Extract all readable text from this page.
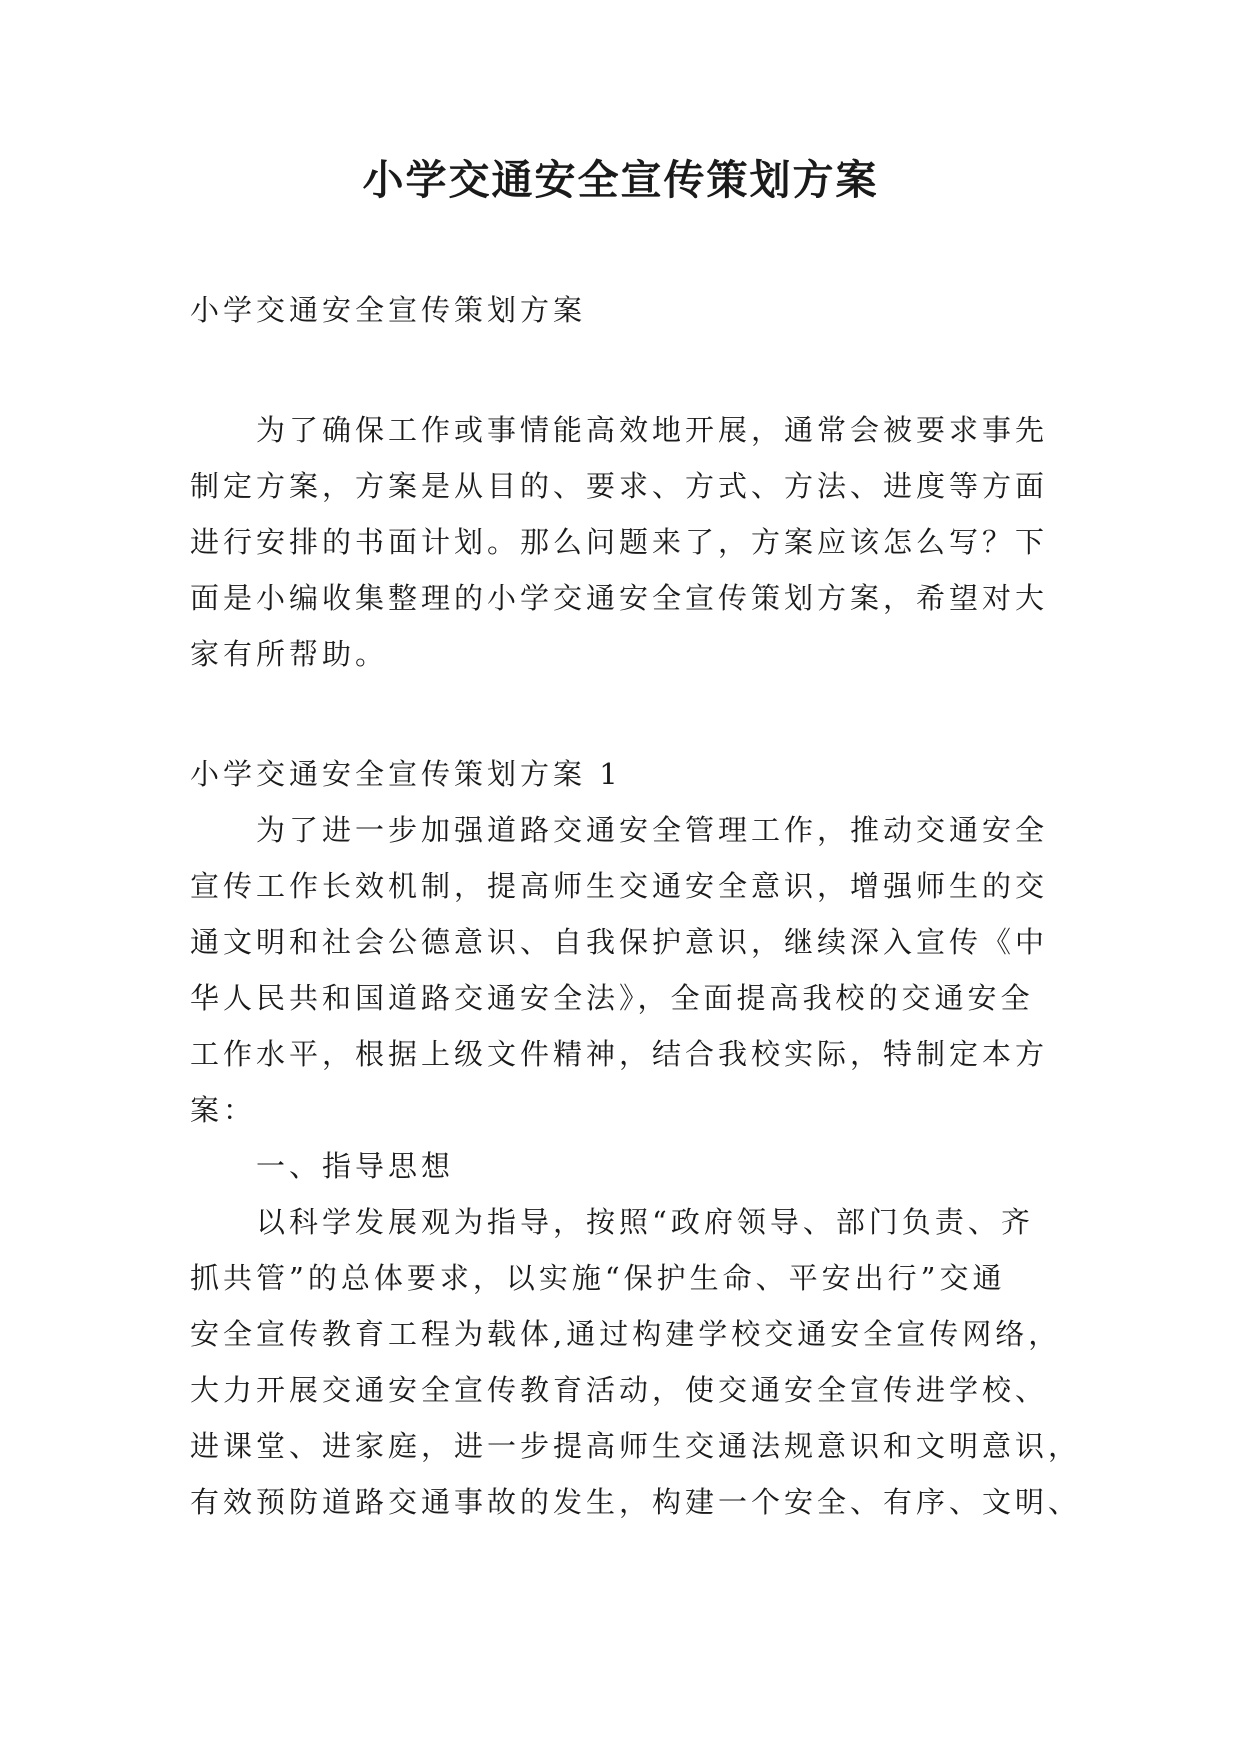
小学交通安全宣传策划方案
小学交通安全宣传策划方案
为了确保工作或事情能高效地开展，通常会被要求事先
制定方案，方案是从目的、要求、方式、方法、进度等方面
进行安排的书面计划。那么问题来了，方案应该怎么写？下
面是小编收集整理的小学交通安全宣传策划方案，希望对大
家有所帮助。
小学交通安全宣传策划方案 1
为了进一步加强道路交通安全管理工作，推动交通安全
宣传工作长效机制，提高师生交通安全意识，增强师生的交
通文明和社会公德意识、自我保护意识，继续深入宣传《中
华人民共和国道路交通安全法》，全面提高我校的交通安全
工作水平，根据上级文件精神，结合我校实际，特制定本方
案：
一、指导思想
以科学发展观为指导，按照“政府领导、部门负责、齐
抓共管”的总体要求，以实施“保护生命、平安出行”交通
安全宣传教育工程为载体,通过构建学校交通安全宣传网络，
大力开展交通安全宣传教育活动，使交通安全宣传进学校、
进课堂、进家庭，进一步提高师生交通法规意识和文明意识，
有效预防道路交通事故的发生，构建一个安全、有序、文明、
